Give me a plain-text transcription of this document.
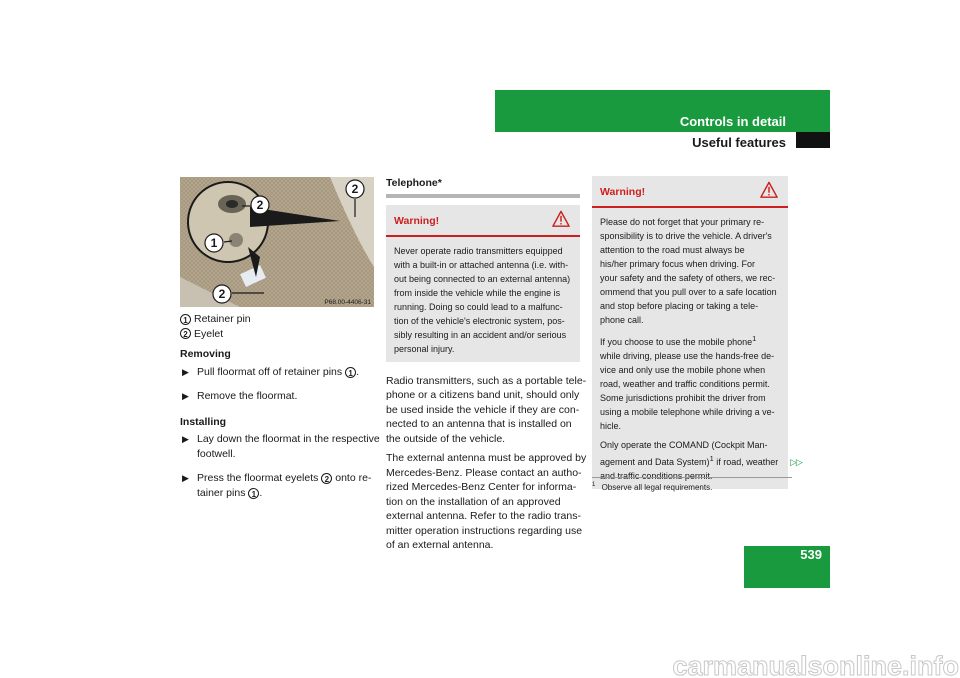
Controls in detail
Useful features
2
2
1
2
P68.00-4406-31
1 Retainer pin
2 Eyelet
Removing
▶ Pull floormat off of retainer pins 1 .
▶ Remove the floormat.
Installing
▶ Lay down the floormat in the respective
footwell.
▶ Press the floormat eyelets 2 onto re-
tainer pins 1 .
Telephone*
Warning!
Never operate radio transmitters equipped
with a built-in or attached antenna (i.e. with-
out being connected to an external antenna)
from inside the vehicle while the engine is
running. Doing so could lead to a malfunc-
tion of the vehicle's electronic system, pos-
sibly resulting in an accident and/or serious
personal injury.

Radio transmitters, such as a portable tele-
phone or a citizens band unit, should only
be used inside the vehicle if they are con-
nected to an antenna that is installed on
the outside of the vehicle.

The external antenna must be approved by
Mercedes-Benz. Please contact an autho-
rized Mercedes-Benz Center for informa-
tion on the installation of an approved
external antenna. Refer to the radio trans-
mitter operation instructions regarding use
of an external antenna.

Warning!

Please do not forget that your primary re-
sponsibility is to drive the vehicle. A driver's
attention to the road must always be
his/her primary focus when driving. For
your safety and the safety of others, we rec-
ommend that you pull over to a safe location
and stop before placing or taking a tele-
phone call.

If you choose to use the mobile phone$^1$
while driving, please use the hands-free de-
vice and only use the mobile phone when
road, weather and traffic conditions permit.
Some jurisdictions prohibit the driver from
using a mobile telephone while driving a ve-
hicle.

Only operate the COMAND (Cockpit Man-
agement and Data System)$^1$ if road, weather
and traffic conditions permit.

▷▷
$^1$ Observe all legal requirements.
539
carmanualsonline.info
